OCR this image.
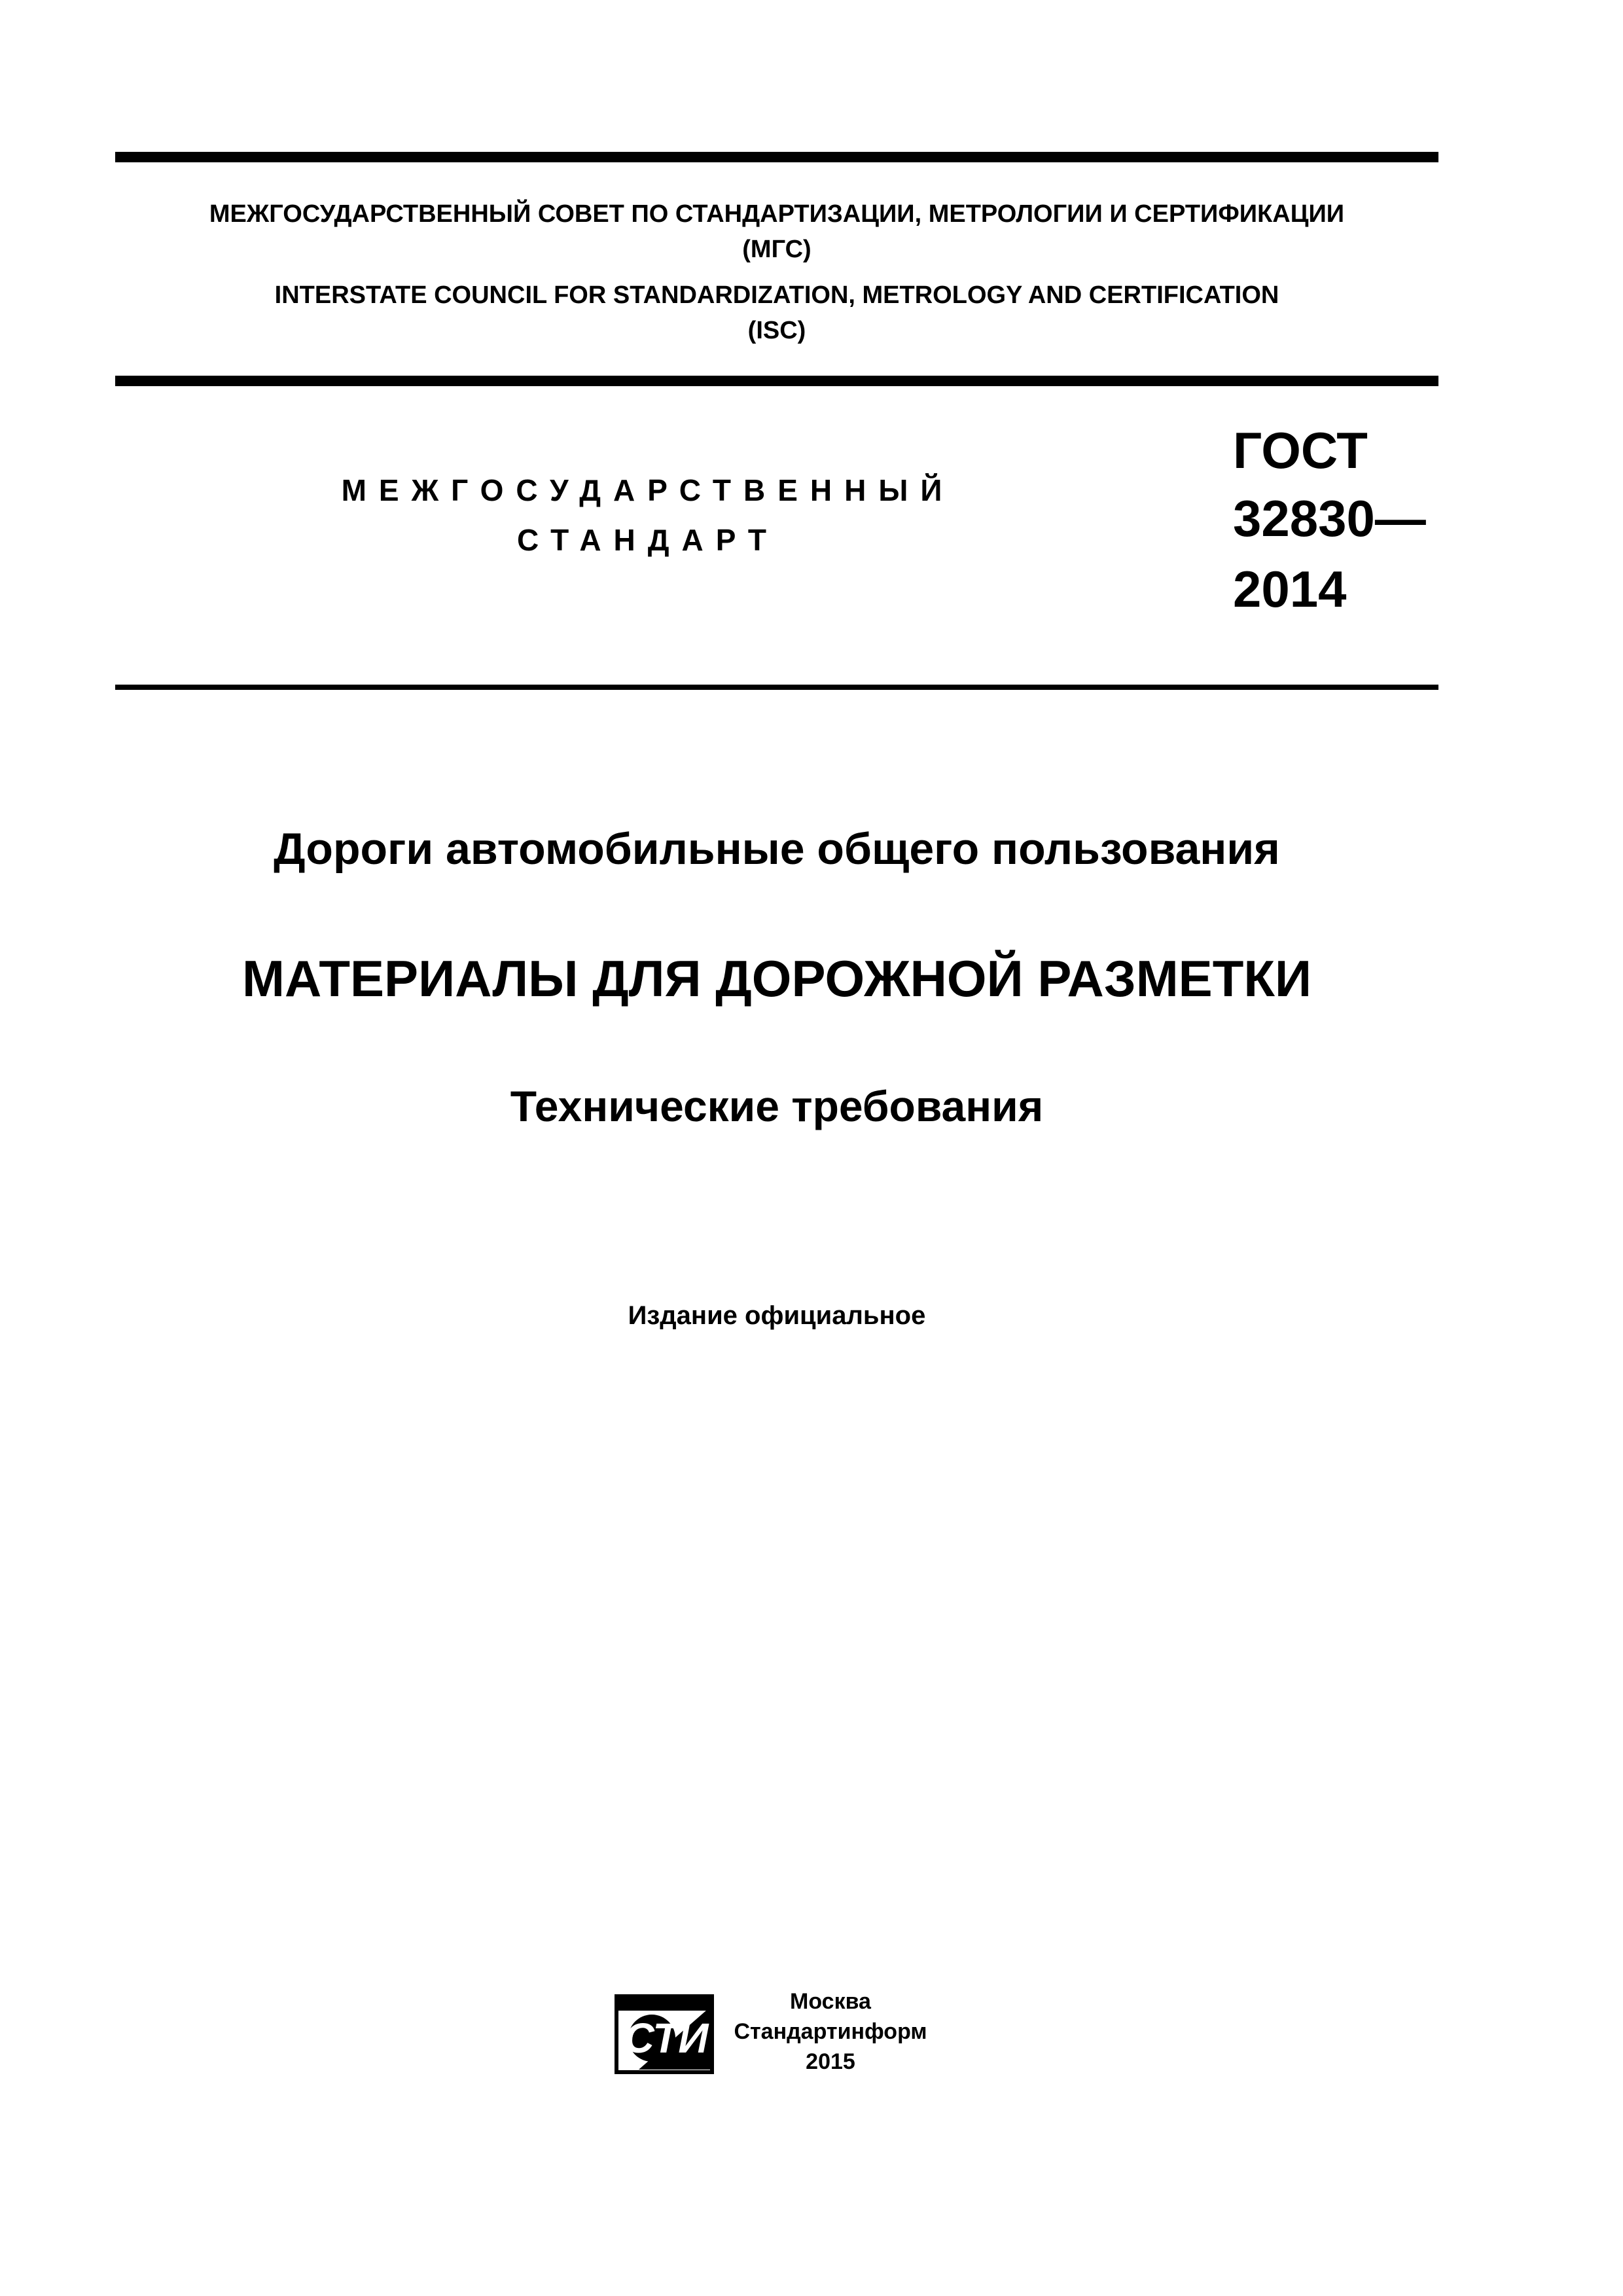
МЕЖГОСУДАРСТВЕННЫЙ СОВЕТ ПО СТАНДАРТИЗАЦИИ, МЕТРОЛОГИИ И СЕРТИФИКАЦИИ

(МГС)

INTERSTATE COUNCIL FOR STANDARDIZATION, METROLOGY AND CERTIFICATION

(ISC)

МЕЖГОСУДАРСТВЕННЫЙ

СТАНДАРТ

ГОСТ

32830—

2014

Дороги автомобильные общего пользования
МАТЕРИАЛЫ ДЛЯ ДОРОЖНОЙ РАЗМЕТКИ
Технические требования

Издание официальное

СТИ

Москва

Стандартинформ

2015
